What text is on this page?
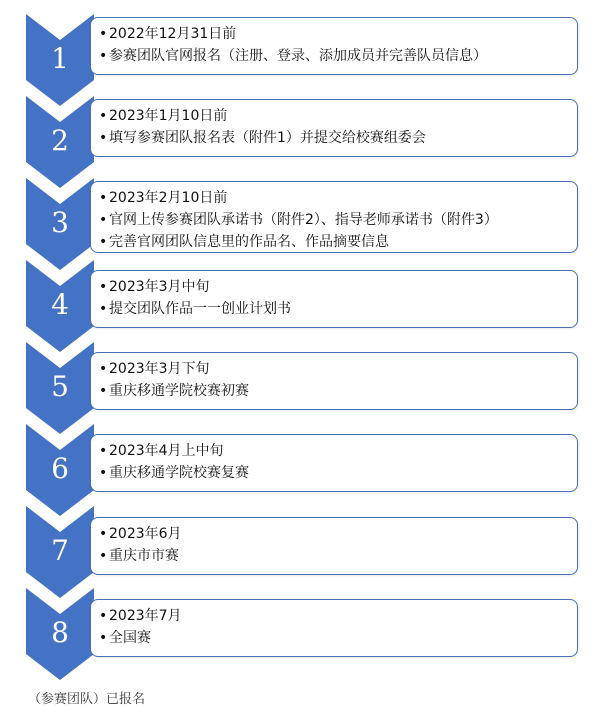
（参赛团队）已报名
1
• 2022年12月31日前
• 参赛团队官网报名（注册、登录、添加成员并完善队员信息）
2
• 2023年1月10日前
• 填写参赛团队报名表（附件1）并提交给校赛组委会
3
• 2023年2月10日前
• 官网上传参赛团队承诺书（附件2）、指导老师承诺书（附件3）
• 完善官网团队信息里的作品名、作品摘要信息
4
• 2023年3月中旬
• 提交团队作品一一创业计划书
5
• 2023年3月下旬
• 重庆移通学院校赛初赛
6
• 2023年4月上中旬
• 重庆移通学院校赛复赛
7	• 2023年6月
• 重庆市市赛
8	• 2023年7月
• 全国赛
